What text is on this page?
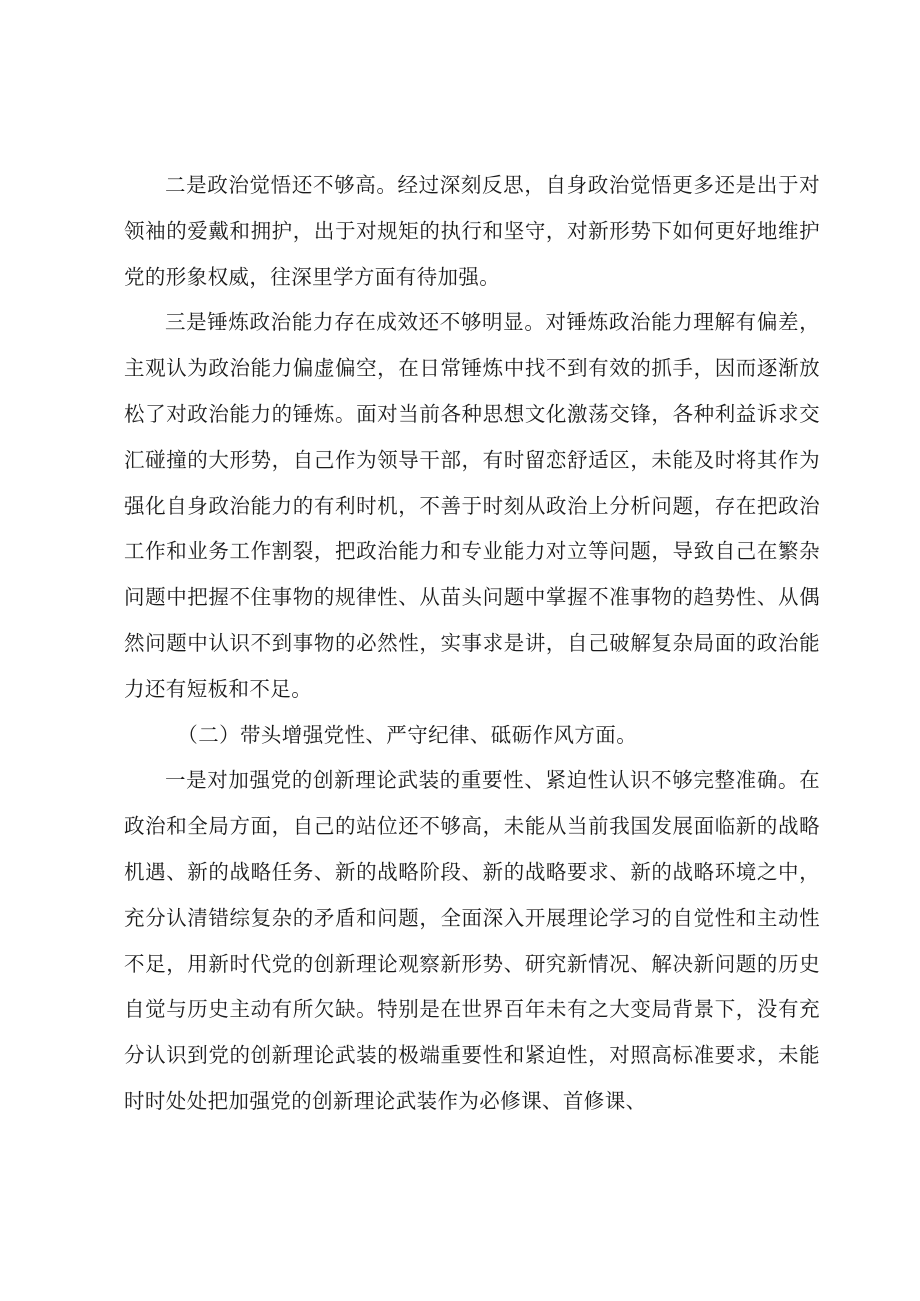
二是政治觉悟还不够高。经过深刻反思，自身政治觉悟更多还是出于对领袖的爱戴和拥护，出于对规矩的执行和坚守，对新形势下如何更好地维护党的形象权威，往深里学方面有待加强。

三是锤炼政治能力存在成效还不够明显。对锤炼政治能力理解有偏差，主观认为政治能力偏虚偏空，在日常锤炼中找不到有效的抓手，因而逐渐放松了对政治能力的锤炼。面对当前各种思想文化激荡交锋，各种利益诉求交汇碰撞的大形势，自己作为领导干部，有时留恋舒适区，未能及时将其作为强化自身政治能力的有利时机，不善于时刻从政治上分析问题，存在把政治工作和业务工作割裂，把政治能力和专业能力对立等问题，导致自己在繁杂问题中把握不住事物的规律性、从苗头问题中掌握不准事物的趋势性、从偶然问题中认识不到事物的必然性，实事求是讲，自己破解复杂局面的政治能力还有短板和不足。

（二）带头增强党性、严守纪律、砥砺作风方面。

一是对加强党的创新理论武装的重要性、紧迫性认识不够完整准确。在政治和全局方面，自己的站位还不够高，未能从当前我国发展面临新的战略机遇、新的战略任务、新的战略阶段、新的战略要求、新的战略环境之中，充分认清错综复杂的矛盾和问题，全面深入开展理论学习的自觉性和主动性不足，用新时代党的创新理论观察新形势、研究新情况、解决新问题的历史自觉与历史主动有所欠缺。特别是在世界百年未有之大变局背景下，没有充分认识到党的创新理论武装的极端重要性和紧迫性，对照高标准要求，未能时时处处把加强党的创新理论武装作为必修课、首修课、
